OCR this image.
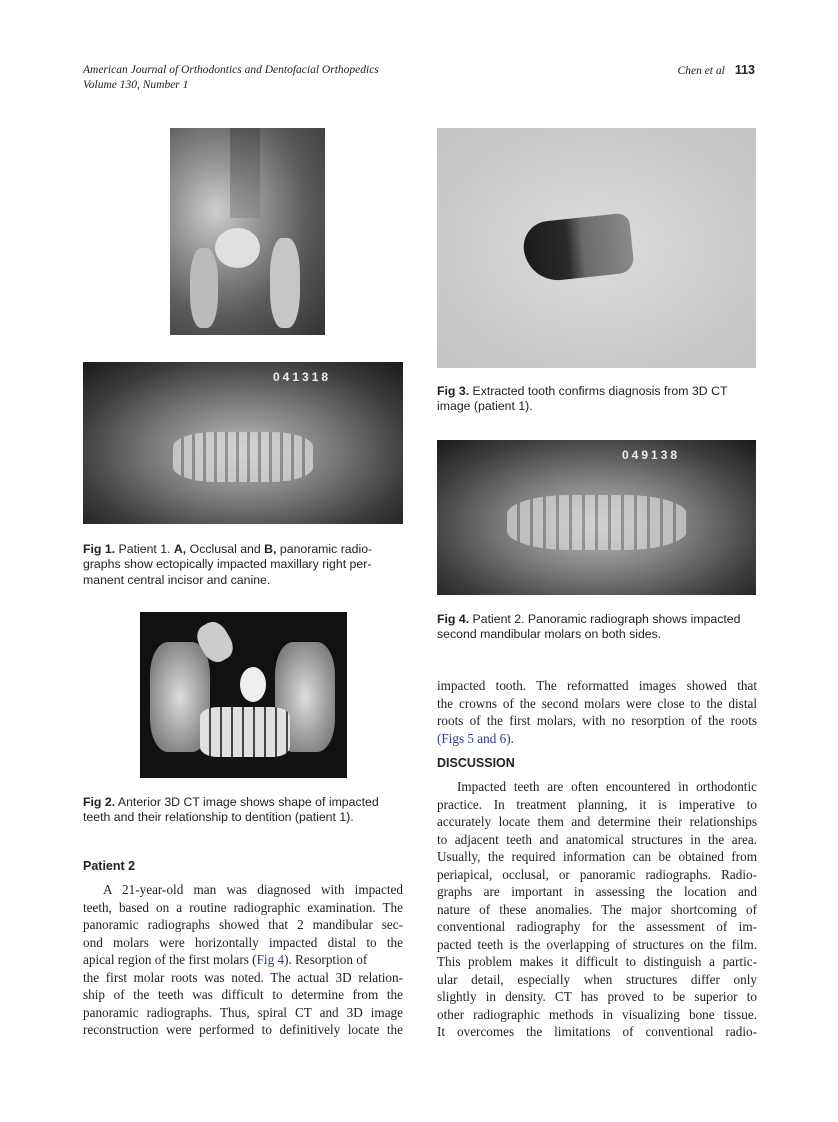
American Journal of Orthodontics and Dentofacial Orthopedics
Volume 130, Number 1
Chen et al 113
041318
Fig 1. Patient 1. A, Occlusal and B, panoramic radio-
graphs show ectopically impacted maxillary right per-
manent central incisor and canine.
Fig 2. Anterior 3D CT image shows shape of impacted
teeth and their relationship to dentition (patient 1).
Patient 2
A 21-year-old man was diagnosed with impacted
teeth, based on a routine radiographic examination. The
panoramic radiographs showed that 2 mandibular sec-
ond molars were horizontally impacted distal to the
apical region of the first molars (Fig 4). Resorption of
the first molar roots was noted. The actual 3D relation-
ship of the teeth was difficult to determine from the
panoramic radiographs. Thus, spiral CT and 3D image
reconstruction were performed to definitively locate the
Fig 3. Extracted tooth confirms diagnosis from 3D CT
image (patient 1).
049138
Fig 4. Patient 2. Panoramic radiograph shows impacted
second mandibular molars on both sides.
impacted tooth. The reformatted images showed that
the crowns of the second molars were close to the distal
roots of the first molars, with no resorption of the roots
(Figs 5 and 6).
DISCUSSION
Impacted teeth are often encountered in orthodontic
practice. In treatment planning, it is imperative to
accurately locate them and determine their relationships
to adjacent teeth and anatomical structures in the area.
Usually, the required information can be obtained from
periapical, occlusal, or panoramic radiographs. Radio-
graphs are important in assessing the location and
nature of these anomalies. The major shortcoming of
conventional radiography for the assessment of im-
pacted teeth is the overlapping of structures on the film.
This problem makes it difficult to distinguish a partic-
ular detail, especially when structures differ only
slightly in density. CT has proved to be superior to
other radiographic methods in visualizing bone tissue.
It overcomes the limitations of conventional radio-
